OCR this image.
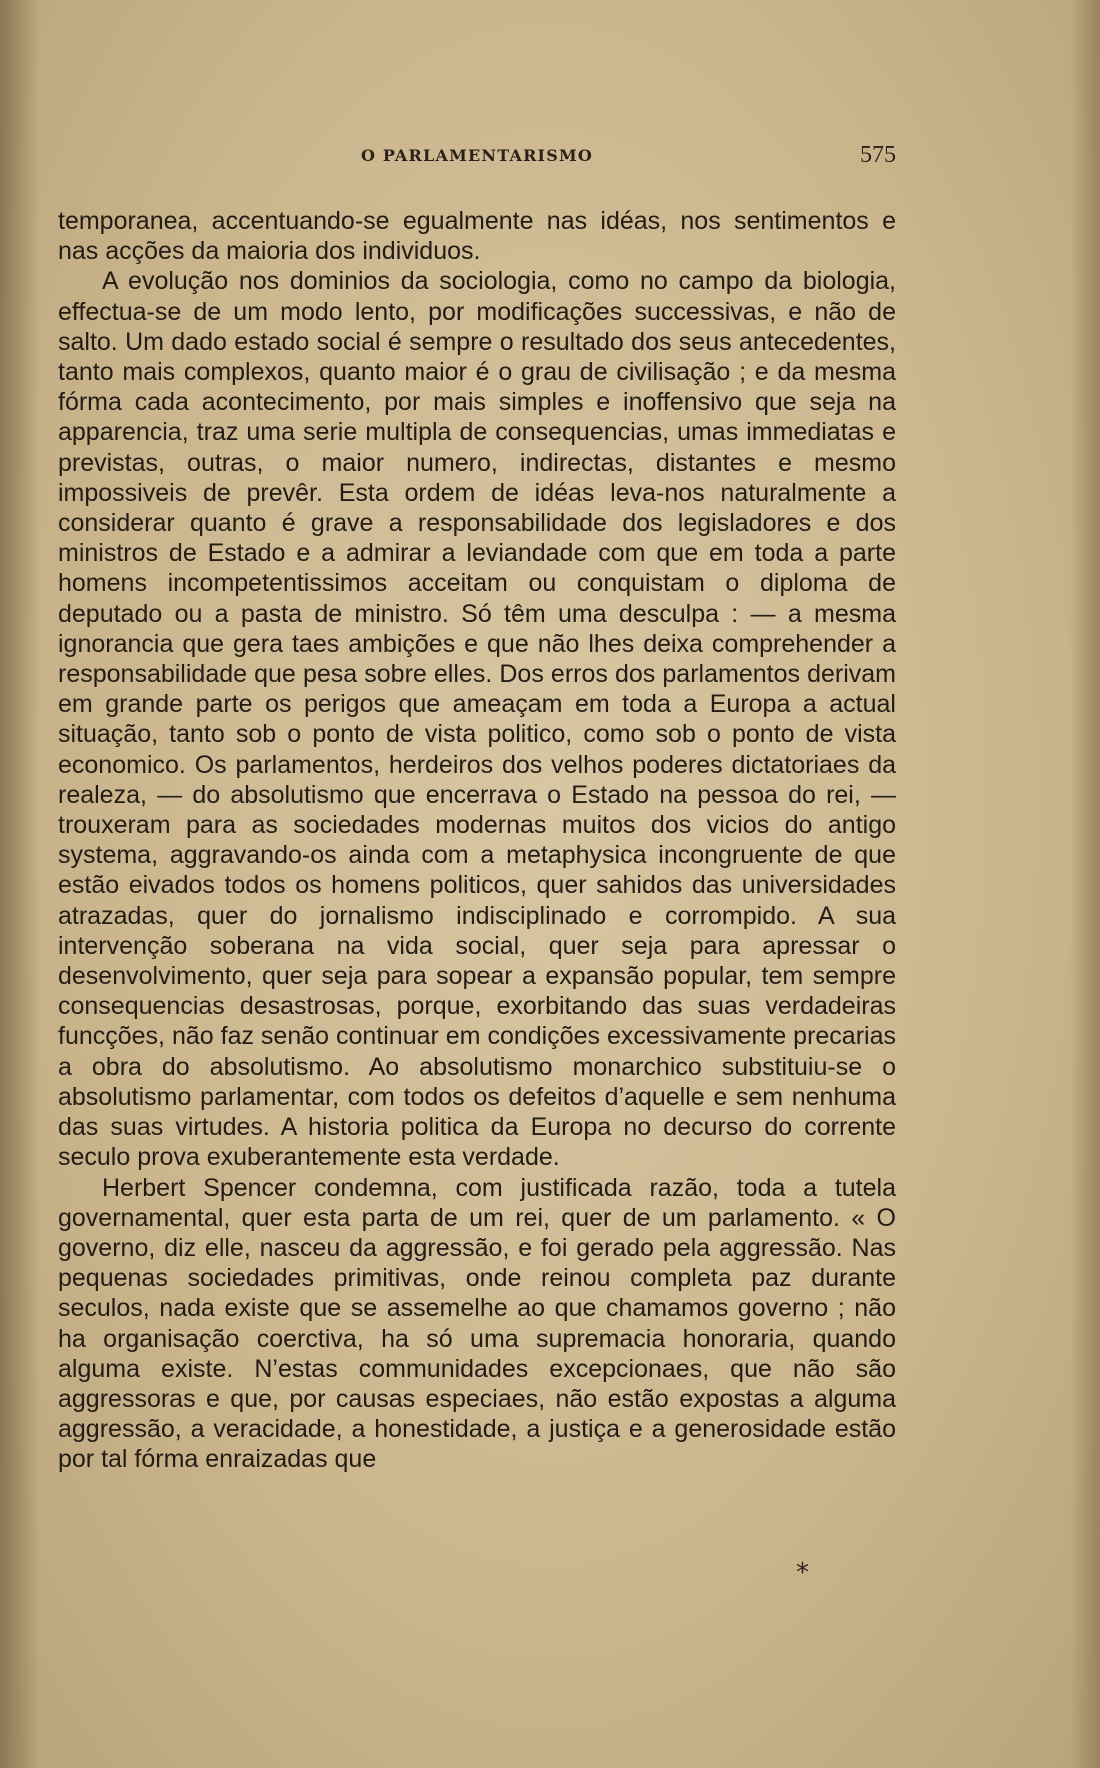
O PARLAMENTARISMO	575

temporanea, accentuando-se egualmente nas idéas, nos sentimentos e nas acções da maioria dos individuos.

A evolução nos dominios da sociologia, como no campo da biologia, effectua-se de um modo lento, por modificações successivas, e não de salto. Um dado estado social é sempre o resultado dos seus antecedentes, tanto mais complexos, quanto maior é o grau de civilisação ; e da mesma fórma cada acontecimento, por mais simples e inoffensivo que seja na apparencia, traz uma serie multipla de consequencias, umas immediatas e previstas, outras, o maior numero, indirectas, distantes e mesmo impossiveis de prevêr. Esta ordem de idéas leva-nos naturalmente a considerar quanto é grave a responsabilidade dos legisladores e dos ministros de Estado e a admirar a leviandade com que em toda a parte homens incompetentissimos acceitam ou conquistam o diploma de deputado ou a pasta de ministro. Só têm uma desculpa : — a mesma ignorancia que gera taes ambições e que não lhes deixa comprehender a responsabilidade que pesa sobre elles. Dos erros dos parlamentos derivam em grande parte os perigos que ameaçam em toda a Europa a actual situação, tanto sob o ponto de vista politico, como sob o ponto de vista economico. Os parlamentos, herdeiros dos velhos poderes dictatoriaes da realeza, — do absolutismo que encerrava o Estado na pessoa do rei, — trouxeram para as sociedades modernas muitos dos vicios do antigo systema, aggravando-os ainda com a metaphysica incongruente de que estão eivados todos os homens politicos, quer sahidos das universidades atrazadas, quer do jornalismo indisciplinado e corrompido. A sua intervenção soberana na vida social, quer seja para apressar o desenvolvimento, quer seja para sopear a expansão popular, tem sempre consequencias desastrosas, porque, exorbitando das suas verdadeiras funcções, não faz senão continuar em condições excessivamente precarias a obra do absolutismo. Ao absolutismo monarchico substituiu-se o absolutismo parlamentar, com todos os defeitos d’aquelle e sem nenhuma das suas virtudes. A historia politica da Europa no decurso do corrente seculo prova exuberantemente esta verdade.

Herbert Spencer condemna, com justificada razão, toda a tutela governamental, quer esta parta de um rei, quer de um parlamento. « O governo, diz elle, nasceu da aggressão, e foi gerado pela aggressão. Nas pequenas sociedades primitivas, onde reinou completa paz durante seculos, nada existe que se assemelhe ao que chamamos governo ; não ha organisação coerctiva, ha só uma supremacia honoraria, quando alguma existe. N’estas communidades excepcionaes, que não são aggressoras e que, por causas especiaes, não estão expostas a alguma aggressão, a veracidade, a honestidade, a justiça e a generosidade estão por tal fórma enraizadas que

*
